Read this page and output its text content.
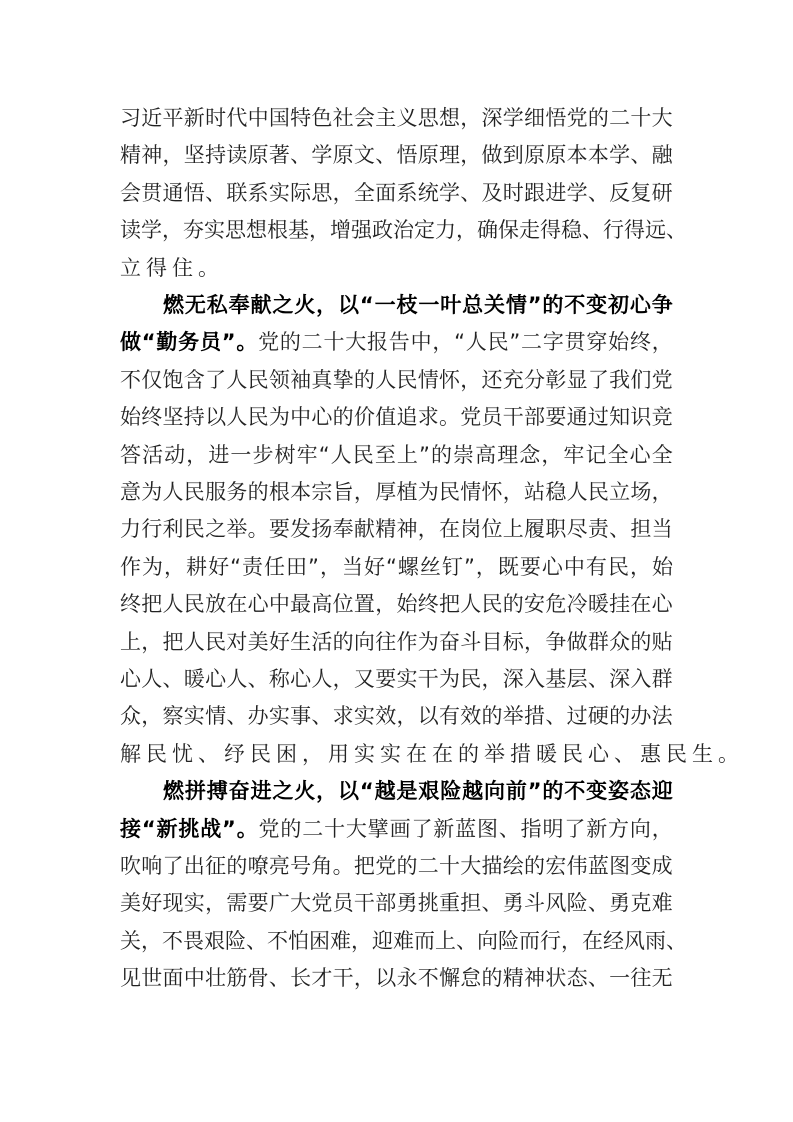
习 近 平 新 时 代 中 国 特 色 社 会 主 义 思 想 ， 深 学 细 悟 党 的 二 十 大
精 神 ， 坚 持 读 原 著 、 学 原 文 、 悟 原 理 ， 做 到 原 原 本 本 学 、 融
会 贯 通 悟 、 联 系 实 际 思 ， 全 面 系 统 学 、 及 时 跟 进 学 、 反 复 研
读 学 ， 夯 实 思 想 根 基 ， 增 强 政 治 定 力 ， 确 保 走 得 稳 、 行 得 远 、
立 得 住 。
燃 无 私 奉 献 之 火 ， 以 “ 一 枝 一 叶 总 关 情 ” 的 不 变 初 心 争
做 “ 勤 务 员 ” 。 党 的 二 十 大 报 告 中 ， “ 人 民 ” 二 字 贯 穿 始 终 ，
不 仅 饱 含 了 人 民 领 袖 真 挚 的 人 民 情 怀 ， 还 充 分 彰 显 了 我 们 党
始 终 坚 持 以 人 民 为 中 心 的 价 值 追 求 。 党 员 干 部 要 通 过 知 识 竞
答 活 动 ， 进 一 步 树 牢 “ 人 民 至 上 ” 的 崇 高 理 念 ， 牢 记 全 心 全
意 为 人 民 服 务 的 根 本 宗 旨 ， 厚 植 为 民 情 怀 ， 站 稳 人 民 立 场 ，
力 行 利 民 之 举 。 要 发 扬 奉 献 精 神 ， 在 岗 位 上 履 职 尽 责 、 担 当
作 为 ， 耕 好 “ 责 任 田 ” ， 当 好 “ 螺 丝 钉 ” ， 既 要 心 中 有 民 ， 始
终 把 人 民 放 在 心 中 最 高 位 置 ， 始 终 把 人 民 的 安 危 冷 暖 挂 在 心
上 ， 把 人 民 对 美 好 生 活 的 向 往 作 为 奋 斗 目 标 ， 争 做 群 众 的 贴
心 人 、 暖 心 人 、 称 心 人 ， 又 要 实 干 为 民 ， 深 入 基 层 、 深 入 群
众 ， 察 实 情 、 办 实 事 、 求 实 效 ， 以 有 效 的 举 措 、 过 硬 的 办 法
解 民 忧 、 纾 民 困 ， 用 实 实 在 在 的 举 措 暖 民 心 、 惠 民 生 。
燃 拼 搏 奋 进 之 火 ， 以 “ 越 是 艰 险 越 向 前 ” 的 不 变 姿 态 迎
接 “ 新 挑 战 ” 。 党 的 二 十 大 擘 画 了 新 蓝 图 、 指 明 了 新 方 向 ，
吹 响 了 出 征 的 嘹 亮 号 角 。 把 党 的 二 十 大 描 绘 的 宏 伟 蓝 图 变 成
美 好 现 实 ， 需 要 广 大 党 员 干 部 勇 挑 重 担 、 勇 斗 风 险 、 勇 克 难
关 ， 不 畏 艰 险 、 不 怕 困 难 ， 迎 难 而 上 、 向 险 而 行 ， 在 经 风 雨 、
见 世 面 中 壮 筋 骨 、 长 才 干 ， 以 永 不 懈 怠 的 精 神 状 态 、 一 往 无
